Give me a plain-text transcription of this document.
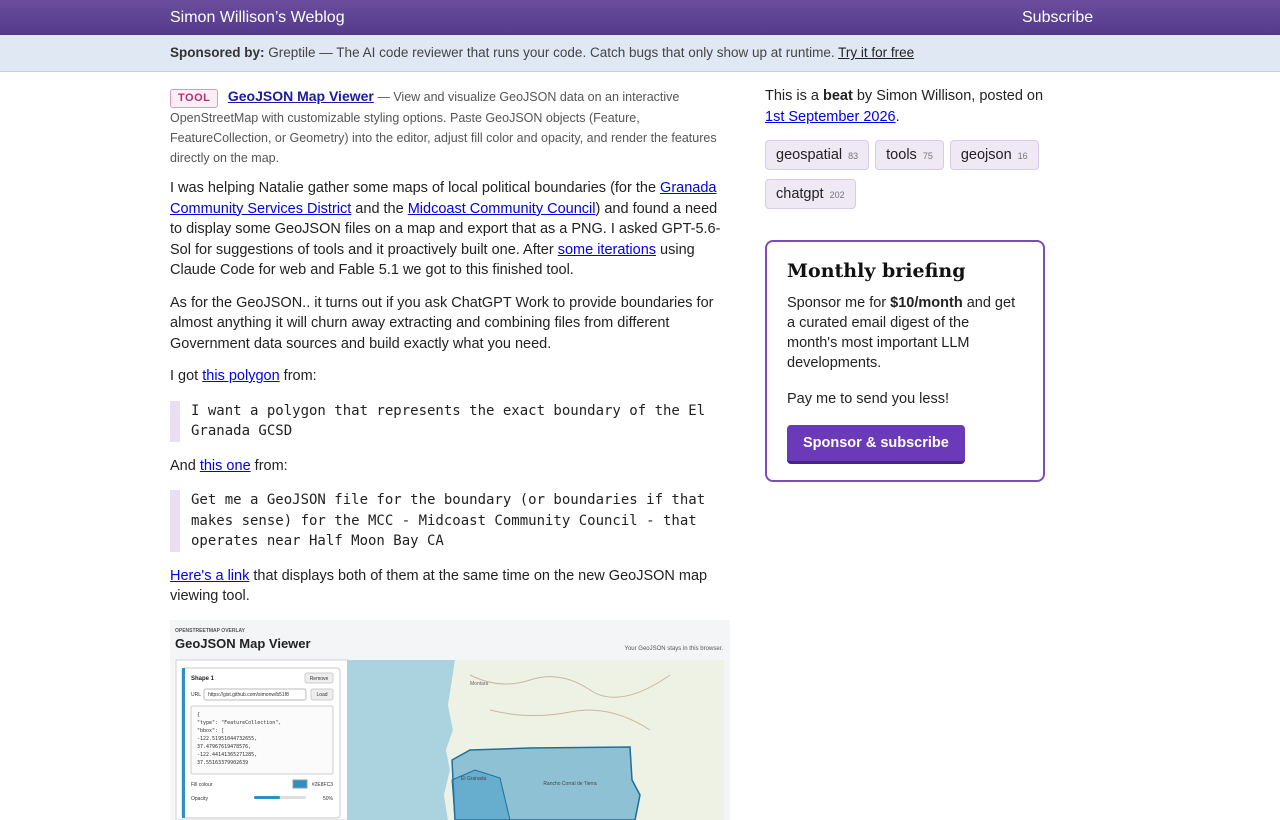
Simon Willison’s Weblog	Subscribe
Sponsored by: Greptile — The AI code reviewer that runs your code. Catch bugs that only show up at runtime. Try it for free

TOOL GeoJSON Map Viewer — View and visualize GeoJSON data on an interactive OpenStreetMap with customizable styling options. Paste GeoJSON objects (Feature, FeatureCollection, or Geometry) into the editor, adjust fill color and opacity, and render the features directly on the map.

I was helping Natalie gather some maps of local political boundaries (for the Granada Community Services District and the Midcoast Community Council) and found a need to display some GeoJSON files on a map and export that as a PNG. I asked GPT-5.6-Sol for suggestions of tools and it proactively built one. After some iterations using Claude Code for web and Fable 5.1 we got to this finished tool.

As for the GeoJSON.. it turns out if you ask ChatGPT Work to provide boundaries for almost anything it will churn away extracting and combining files from different Government data sources and build exactly what you need.

I got this polygon from:

I want a polygon that represents the exact boundary of the El Granada GCSD

And this one from:

Get me a GeoJSON file for the boundary (or boundaries if that makes sense) for the MCC - Midcoast Community Council - that operates near Half Moon Bay CA

Here's a link that displays both of them at the same time on the new GeoJSON map viewing tool.

OPENSTREETMAP OVERLAY
GeoJSON Map Viewer	Your GeoJSON stays in this browser.
Shape 1	Remove
URL https://gist.github.com/simonw/b51f8	Load
{
"type": "FeatureCollection",
"bbox": [
-122.51951044732655,
37.47967619478576,
-122.44141365271285,
37.55163379902639
Fill colour	#2E8FC3
Opacity	50%
Montara
El Granada
Rancho Corral de Tierra

This is a beat by Simon Willison, posted on 1st September 2026.

geospatial 83 tools 75 geojson 16
chatgpt 202
Monthly briefing

Sponsor me for $10/month and get a curated email digest of the month's most important LLM developments.

Pay me to send you less!

Sponsor & subscribe
